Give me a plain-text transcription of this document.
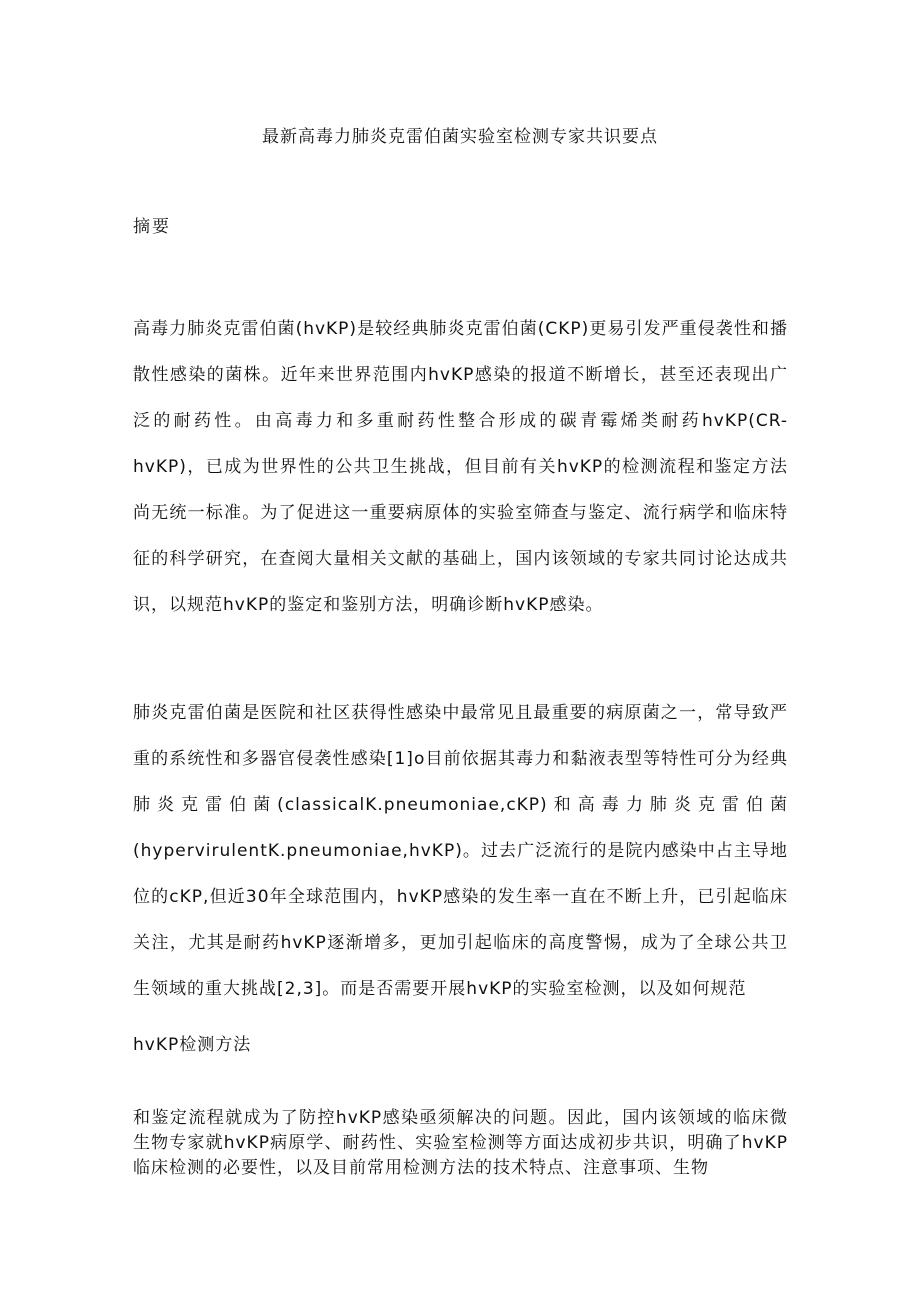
最新高毒力肺炎克雷伯菌实验室检测专家共识要点
摘要

高毒力肺炎克雷伯菌(hvKP)是较经典肺炎克雷伯菌(CKP)更易引发严重侵袭性和播散性感染的菌株。近年来世界范围内hvKP感染的报道不断增长，甚至还表现出广泛的耐药性。由高毒力和多重耐药性整合形成的碳青霉烯类耐药hvKP(CR-hvKP)，已成为世界性的公共卫生挑战，但目前有关hvKP的检测流程和鉴定方法尚无统一标准。为了促进这一重要病原体的实验室筛查与鉴定、流行病学和临床特征的科学研究，在查阅大量相关文献的基础上，国内该领域的专家共同讨论达成共识，以规范hvKP的鉴定和鉴别方法，明确诊断hvKP感染。

肺炎克雷伯菌是医院和社区获得性感染中最常见且最重要的病原菌之一，常导致严重的系统性和多器官侵袭性感染[1]o目前依据其毒力和黏液表型等特性可分为经典肺炎克雷伯菌(classicalK.pneumoniae,cKP)和高毒力肺炎克雷伯菌(hypervirulentK.pneumoniae,hvKP)。过去广泛流行的是院内感染中占主导地位的cKP,但近30年全球范围内，hvKP感染的发生率一直在不断上升，已引起临床关注，尤其是耐药hvKP逐渐增多，更加引起临床的高度警惕，成为了全球公共卫生领域的重大挑战[2,3]。而是否需要开展hvKP的实验室检测，以及如何规范

hvKP检测方法

和鉴定流程就成为了防控hvKP感染亟须解决的问题。因此，国内该领域的临床微生物专家就hvKP病原学、耐药性、实验室检测等方面达成初步共识，明确了hvKP临床检测的必要性，以及目前常用检测方法的技术特点、注意事项、生物
